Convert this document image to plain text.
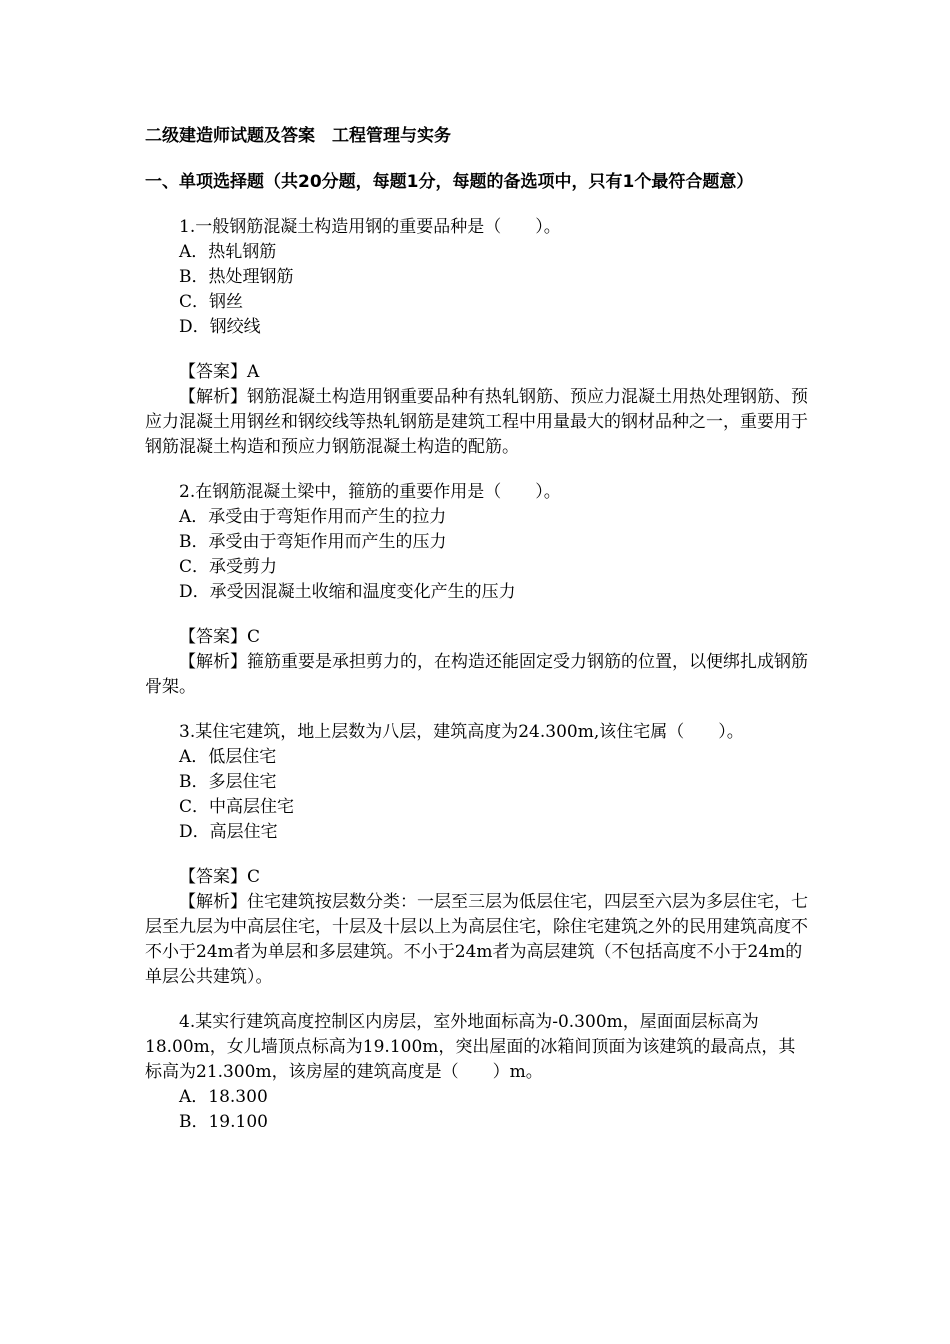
二级建造师试题及答案　工程管理与实务
一、单项选择题（共20分题，每题1分，每题的备选项中，只有1个最符合题意）

1.一般钢筋混凝土构造用钢的重要品种是（　　）。

A．热轧钢筋

B．热处理钢筋

C．钢丝

D．钢绞线

【答案】A

【解析】钢筋混凝土构造用钢重要品种有热轧钢筋、预应力混凝土用热处理钢筋、预应力混凝土用钢丝和钢绞线等热轧钢筋是建筑工程中用量最大的钢材品种之一，重要用于钢筋混凝土构造和预应力钢筋混凝土构造的配筋。

2.在钢筋混凝土梁中，箍筋的重要作用是（　　）。

A．承受由于弯矩作用而产生的拉力

B．承受由于弯矩作用而产生的压力

C．承受剪力

D．承受因混凝土收缩和温度变化产生的压力

【答案】C

【解析】箍筋重要是承担剪力的，在构造还能固定受力钢筋的位置，以便绑扎成钢筋骨架。

3.某住宅建筑，地上层数为八层，建筑高度为24.300m,该住宅属（　　）。

A．低层住宅

B．多层住宅

C．中高层住宅

D．高层住宅

【答案】C

【解析】住宅建筑按层数分类：一层至三层为低层住宅，四层至六层为多层住宅，七层至九层为中高层住宅，十层及十层以上为高层住宅，除住宅建筑之外的民用建筑高度不不小于24m者为单层和多层建筑。不小于24m者为高层建筑（不包括高度不小于24m的单层公共建筑）。

4.某实行建筑高度控制区内房层，室外地面标高为-0.300m，屋面面层标高为18.00m，女儿墙顶点标高为19.100m，突出屋面的冰箱间顶面为该建筑的最高点，其标高为21.300m，该房屋的建筑高度是（　　）m。

A．18.300

B．19.100
